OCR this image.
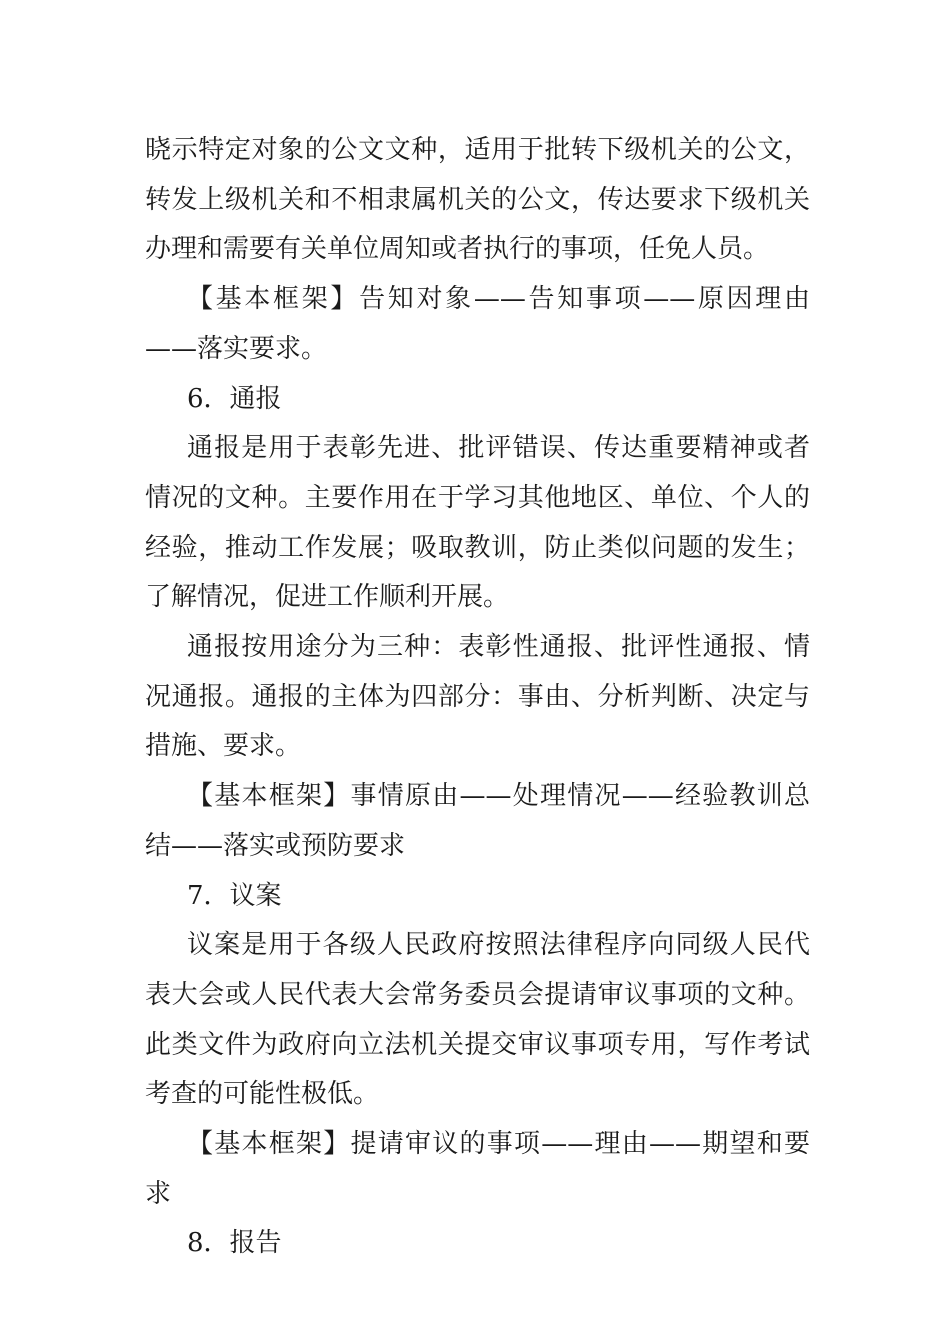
晓示特定对象的公文文种，适用于批转下级机关的公文，转发上级机关和不相隶属机关的公文，传达要求下级机关办理和需要有关单位周知或者执行的事项，任免人员。

【基本框架】告知对象——告知事项——原因理由——落实要求。

6．通报

通报是用于表彰先进、批评错误、传达重要精神或者情况的文种。主要作用在于学习其他地区、单位、个人的经验，推动工作发展；吸取教训，防止类似问题的发生；了解情况，促进工作顺利开展。

通报按用途分为三种：表彰性通报、批评性通报、情况通报。通报的主体为四部分：事由、分析判断、决定与措施、要求。

【基本框架】事情原由——处理情况——经验教训总结——落实或预防要求

7．议案

议案是用于各级人民政府按照法律程序向同级人民代表大会或人民代表大会常务委员会提请审议事项的文种。此类文件为政府向立法机关提交审议事项专用，写作考试考查的可能性极低。

【基本框架】提请审议的事项——理由——期望和要求

8．报告
